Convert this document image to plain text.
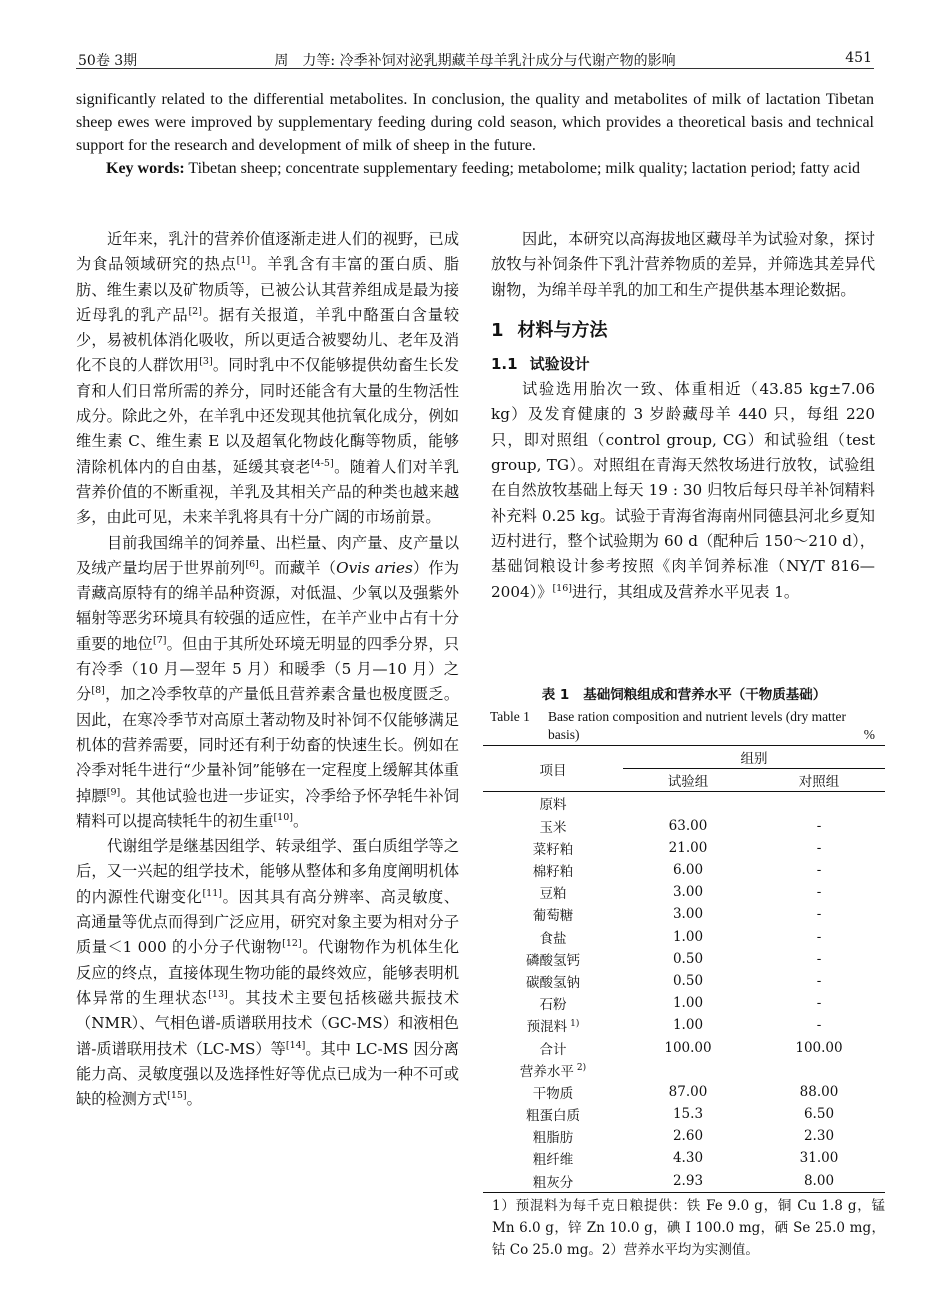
50卷 3期	周　力等: 冷季补饲对泌乳期藏羊母羊乳汁成分与代谢产物的影响	451

significantly related to the differential metabolites. In conclusion, the quality and metabolites of milk of lactation Tibetan sheep ewes were improved by supplementary feeding during cold season, which provides a theoretical basis and technical support for the research and development of milk of sheep in the future.

Key words: Tibetan sheep; concentrate supplementary feeding; metabolome; milk quality; lactation period; fatty acid

近年来，乳汁的营养价值逐渐走进人们的视野，已成为食品领域研究的热点[1]。羊乳含有丰富的蛋白质、脂肪、维生素以及矿物质等，已被公认其营养组成是最为接近母乳的乳产品[2]。据有关报道，羊乳中酪蛋白含量较少，易被机体消化吸收，所以更适合被婴幼儿、老年及消化不良的人群饮用[3]。同时乳中不仅能够提供幼畜生长发育和人们日常所需的养分，同时还能含有大量的生物活性成分。除此之外，在羊乳中还发现其他抗氧化成分，例如维生素 C、维生素 E 以及超氧化物歧化酶等物质，能够清除机体内的自由基，延缓其衰老[4-5]。随着人们对羊乳营养价值的不断重视，羊乳及其相关产品的种类也越来越多，由此可见，未来羊乳将具有十分广阔的市场前景。

目前我国绵羊的饲养量、出栏量、肉产量、皮产量以及绒产量均居于世界前列[6]。而藏羊（Ovis aries）作为青藏高原特有的绵羊品种资源，对低温、少氧以及强紫外辐射等恶劣环境具有较强的适应性，在羊产业中占有十分重要的地位[7]。但由于其所处环境无明显的四季分界，只有冷季（10 月—翌年 5 月）和暖季（5 月—10 月）之分[8]，加之冷季牧草的产量低且营养素含量也极度匮乏。因此，在寒冷季节对高原土著动物及时补饲不仅能够满足机体的营养需要，同时还有利于幼畜的快速生长。例如在冷季对牦牛进行“少量补饲”能够在一定程度上缓解其体重掉膘[9]。其他试验也进一步证实，冷季给予怀孕牦牛补饲精料可以提高犊牦牛的初生重[10]。

代谢组学是继基因组学、转录组学、蛋白质组学等之后，又一兴起的组学技术，能够从整体和多角度阐明机体的内源性代谢变化[11]。因其具有高分辨率、高灵敏度、高通量等优点而得到广泛应用，研究对象主要为相对分子质量＜1 000 的小分子代谢物[12]。代谢物作为机体生化反应的终点，直接体现生物功能的最终效应，能够表明机体异常的生理状态[13]。其技术主要包括核磁共振技术（NMR）、气相色谱-质谱联用技术（GC-MS）和液相色谱-质谱联用技术（LC-MS）等[14]。其中 LC-MS 因分离能力高、灵敏度强以及选择性好等优点已成为一种不可或缺的检测方式[15]。

因此，本研究以高海拔地区藏母羊为试验对象，探讨放牧与补饲条件下乳汁营养物质的差异，并筛选其差异代谢物，为绵羊母羊乳的加工和生产提供基本理论数据。

1 材料与方法
1.1 试验设计

试验选用胎次一致、体重相近（43.85 kg±7.06 kg）及发育健康的 3 岁龄藏母羊 440 只，每组 220 只，即对照组（control group, CG）和试验组（test group, TG）。对照组在青海天然牧场进行放牧，试验组在自然放牧基础上每天 19 : 30 归牧后每只母羊补饲精料补充料 0.25 kg。试验于青海省海南州同德县河北乡夏知迈村进行，整个试验期为 60 d（配种后 150～210 d），基础饲粮设计参考按照《肉羊饲养标准（NY/T 816—2004）》[16]进行，其组成及营养水平见表 1。

表 1 基础饲粮组成和营养水平（干物质基础）
Table 1 Base ration composition and nutrient levels (dry matter
basis)	%
项目	组别	
	试验组	对照组
原料		
玉米	63.00	-
菜籽粕	21.00	-
棉籽粕	6.00	-
豆粕	3.00	-
葡萄糖	3.00	-
食盐	1.00	-
磷酸氢钙	0.50	-
碳酸氢钠	0.50	-
石粉	1.00	-
预混料 $^{1)}$	1.00	-
合计	100.00	100.00
营养水平 $^{2)}$		
干物质	87.00	88.00
粗蛋白质	15.3	6.50
粗脂肪	2.60	2.30
粗纤维	4.30	31.00
粗灰分	2.93	8.00
1）预混料为每千克日粮提供：铁 Fe 9.0 g，铜 Cu 1.8 g，锰 Mn 6.0 g，锌 Zn 10.0 g，碘 I 100.0 mg，硒 Se 25.0 mg，钴 Co 25.0 mg。2）营养水平均为实测值。
